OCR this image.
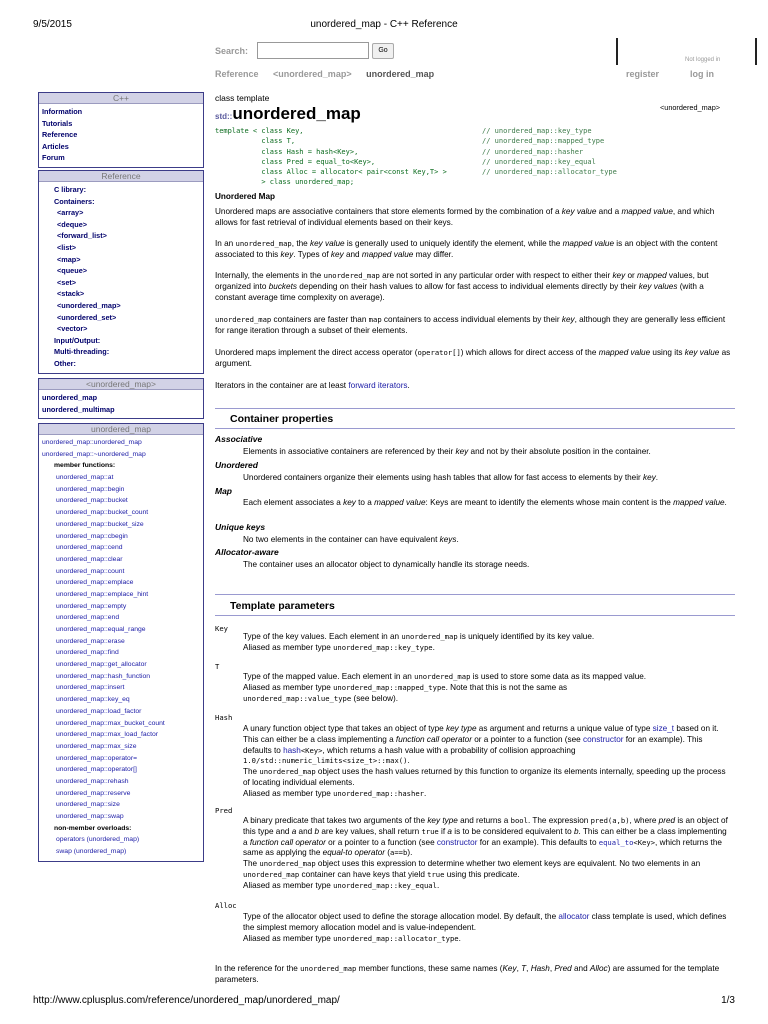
9/5/2015	unordered_map - C++ Reference
Search:	Go
Not logged in
Reference <unordered_map> unordered_map	register	log in
C++
Information
Tutorials
Reference
Articles
Forum
Reference
C library:
Containers:
<array>
<deque>
<forward_list>
<list>
<map>
<queue>
<set>
<stack>
<unordered_map>
<unordered_set>
<vector>
Input/Output:
Multi-threading:
Other:
<unordered_map>
unordered_map
unordered_multimap
unordered_map
unordered_map::unordered_map
unordered_map::~unordered_map
member functions:
unordered_map::at
unordered_map::begin
unordered_map::bucket
unordered_map::bucket_count
unordered_map::bucket_size
unordered_map::cbegin
unordered_map::cend
unordered_map::clear
unordered_map::count
unordered_map::emplace
unordered_map::emplace_hint
unordered_map::empty
unordered_map::end
unordered_map::equal_range
unordered_map::erase
unordered_map::find
unordered_map::get_allocator
unordered_map::hash_function
unordered_map::insert
unordered_map::key_eq
unordered_map::load_factor
unordered_map::max_bucket_count
unordered_map::max_load_factor
unordered_map::max_size
unordered_map::operator=
unordered_map::operator[]
unordered_map::rehash
unordered_map::reserve
unordered_map::size
unordered_map::swap
non-member overloads:
operators (unordered_map)
swap (unordered_map)
class template
std::unordered_map	<unordered_map>

template < class Key,
class T,
class Hash = hash<Key>,
class Pred = equal_to<Key>,
class Alloc = allocator< pair<const Key,T> >
> class unordered_map;

// unordered_map::key_type
// unordered_map::mapped_type
// unordered_map::hasher
// unordered_map::key_equal
// unordered_map::allocator_type

Unordered Map

Unordered maps are associative containers that store elements formed by the combination of a key value and a mapped value, and which allows for fast retrieval of individual elements based on their keys.

In an unordered_map, the key value is generally used to uniquely identify the element, while the mapped value is an object with the content associated to this key. Types of key and mapped value may differ.

Internally, the elements in the unordered_map are not sorted in any particular order with respect to either their key or mapped values, but organized into buckets depending on their hash values to allow for fast access to individual elements directly by their key values (with a constant average time complexity on average).

unordered_map containers are faster than map containers to access individual elements by their key, although they are generally less efficient for range iteration through a subset of their elements.

Unordered maps implement the direct access operator (operator[]) which allows for direct access of the mapped value using its key value as argument.

Iterators in the container are at least forward iterators.

Container properties
Associative
Elements in associative containers are referenced by their key and not by their absolute position in the container.
Unordered
Unordered containers organize their elements using hash tables that allow for fast access to elements by their key.
Map
Each element associates a key to a mapped value: Keys are meant to identify the elements whose main content is the mapped value.
Unique keys
No two elements in the container can have equivalent keys.
Allocator-aware
The container uses an allocator object to dynamically handle its storage needs.
Template parameters
Key
Type of the key values. Each element in an unordered_map is uniquely identified by its key value.
Aliased as member type unordered_map::key_type.
T
Type of the mapped value. Each element in an unordered_map is used to store some data as its mapped value.
Aliased as member type unordered_map::mapped_type. Note that this is not the same as
unordered_map::value_type (see below).
Hash
A unary function object type that takes an object of type key type as argument and returns a unique value of type size_t based on it. This can either be a class implementing a function call operator or a pointer to a function (see constructor for an example). This defaults to hash<Key>, which returns a hash value with a probability of collision approaching 1.0/std::numeric_limits<size_t>::max().
The unordered_map object uses the hash values returned by this function to organize its elements internally, speeding up the process of locating individual elements.
Aliased as member type unordered_map::hasher.
Pred
A binary predicate that takes two arguments of the key type and returns a bool. The expression pred(a,b), where pred is an object of this type and a and b are key values, shall return true if a is to be considered equivalent to b. This can either be a class implementing a function call operator or a pointer to a function (see constructor for an example). This defaults to equal_to<Key>, which returns the same as applying the equal-to operator (a==b).
The unordered_map object uses this expression to determine whether two element keys are equivalent. No two elements in an unordered_map container can have keys that yield true using this predicate.
Aliased as member type unordered_map::key_equal.
Alloc
Type of the allocator object used to define the storage allocation model. By default, the allocator class template is used, which defines the simplest memory allocation model and is value-independent.
Aliased as member type unordered_map::allocator_type.

In the reference for the unordered_map member functions, these same names (Key, T, Hash, Pred and Alloc) are assumed for the template parameters.

http://www.cplusplus.com/reference/unordered_map/unordered_map/	1/3
